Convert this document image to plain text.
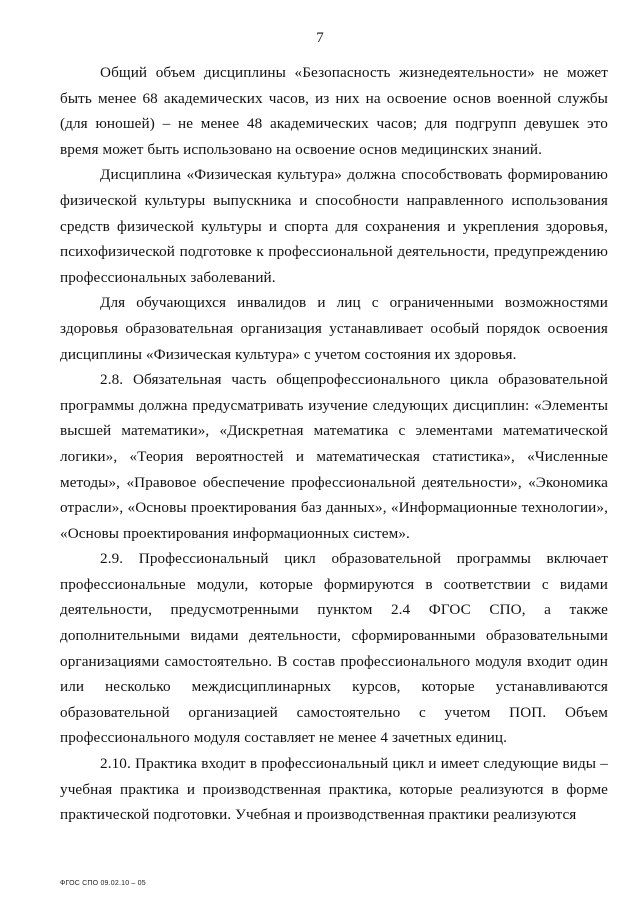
7

Общий объем дисциплины «Безопасность жизнедеятельности» не может быть менее 68 академических часов, из них на освоение основ военной службы (для юношей) – не менее 48 академических часов; для подгрупп девушек это время может быть использовано на освоение основ медицинских знаний.

Дисциплина «Физическая культура» должна способствовать формированию физической культуры выпускника и способности направленного использования средств физической культуры и спорта для сохранения и укрепления здоровья, психофизической подготовке к профессиональной деятельности, предупреждению профессиональных заболеваний.

Для обучающихся инвалидов и лиц с ограниченными возможностями здоровья образовательная организация устанавливает особый порядок освоения дисциплины «Физическая культура» с учетом состояния их здоровья.

2.8. Обязательная часть общепрофессионального цикла образовательной программы должна предусматривать изучение следующих дисциплин: «Элементы высшей математики», «Дискретная математика с элементами математической логики», «Теория вероятностей и математическая статистика», «Численные методы», «Правовое обеспечение профессиональной деятельности», «Экономика отрасли», «Основы проектирования баз данных», «Информационные технологии», «Основы проектирования информационных систем».

2.9. Профессиональный цикл образовательной программы включает профессиональные модули, которые формируются в соответствии с видами деятельности, предусмотренными пунктом 2.4 ФГОС СПО, а также дополнительными видами деятельности, сформированными образовательными организациями самостоятельно. В состав профессионального модуля входит один или несколько междисциплинарных курсов, которые устанавливаются образовательной организацией самостоятельно с учетом ПОП. Объем профессионального модуля составляет не менее 4 зачетных единиц.

2.10. Практика входит в профессиональный цикл и имеет следующие виды – учебная практика и производственная практика, которые реализуются в форме практической подготовки. Учебная и производственная практики реализуются

ФГОС СПО 09.02.10 – 05
